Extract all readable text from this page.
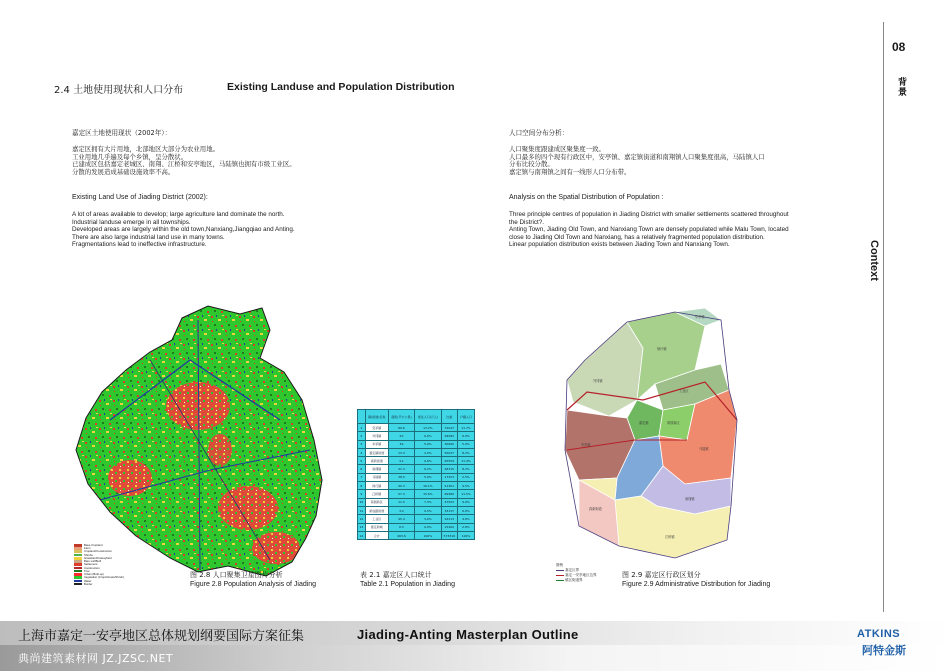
08
背景
Context
2.4 土地使用现状和人口分布	Existing Landuse and Population Distribution
嘉定区土地使用现状（2002年）：
嘉定区拥有大片用地，北部地区大部分为农业用地。
工业用地几乎遍及每个乡镇，呈分散状。
已建成区包括嘉定老城区、南翔、江桥和安亭地区，马陆镇也拥有市级工业区。
分散的发展造成基础设施效率不高。
Existing Land Use of Jiading District (2002):
A lot of areas available to develop; large agriculture land dominate the north.
Industrial landuse emerge in all townships.
Developed areas are largely within the old town,Nanxiang,Jiangqiao and Anting.
There are also large industrial land use in many towns.
Fragmentations lead to ineffective infrastructure.
人口空间分布分析：
人口聚集度跟建成区聚集度一致。
人口最多的四个现有行政区中，安亭镇、嘉定镇街道和南翔镇人口聚集度很高，马陆镇人口
分布比较分散。
嘉定镇与南翔镇之间有一线形人口分布带。
Analysis on the Spatial Distribution of Population :
Three principle centres of population in Jiading District with smaller settlements scattered throughout
the District?.
Anting Town, Jiading Old Town, and Nanxiang Town are densely populated while Malu Town, located
close to Jiading Old Town and Nanxiang, has a relatively fragmented population distribution.
Linear population distribution exists between Jiading Town and Nanxiang Town.
Base Cropland
Farm
Cropland/Construction
Shrubs
Grassland/Grassyfield
Bare soil/Built
Settlement
Construction
Tree
Urban (Built-up)
Vegetation (Crops/Grass/Shrub)
Water
Border
图 2.8 人口聚集卫星图片分析
Figure 2.8 Population Analysis of Jiading
	镇(街道)名称	面积(平方公里)	常住人口(万人)	比重	户籍人口
1	安亭镇	89.6	13.2%	72047	11.7%
2	外冈镇	50	6.6%	28582	6.0%
3	华亭镇	39	5.9%	30695	5.0%
4	嘉定镇街道	13.3	2.0%	50037	8.2%
5	真新街道	4.1	0.6%	65554	11.4%
6	南翔镇	41.3	6.2%	48315	8.2%
7	马陆镇	38.5	5.9%	17253	2.5%
8	徐行镇	40.3	16.1%	51301	9.5%
9	江桥镇	57.3	15.6%	69980	11.5%
10	菊园新区	11.5	7.3%	47503	9.0%
11	新成路街道	3.2	0.5%	33137	6.0%
12	工业区	45.4	3.9%	22213	4.6%
13	嘉定新城	6.5	0.9%	15400	2.6%
14	合计	463.6	100%	573316	100%
表 2.1 嘉定区人口统计
Table 2.1 Population in Jiading
外冈镇
徐行镇
华亭镇
工业区
嘉定镇	菊园新区
安亭镇
马陆镇
南翔镇
江桥镇
真新街道
图例
嘉定区界
嘉定一安亭地区边界
镇区街道界
图 2.9 嘉定区行政区划分
Figure 2.9 Administrative Distribution for Jiading
上海市嘉定一安亭地区总体规划纲要国际方案征集	Jiading-Anting Masterplan Outline
典尚建筑素材网 JZ.JZSC.NET
ATKINS
阿特金斯
